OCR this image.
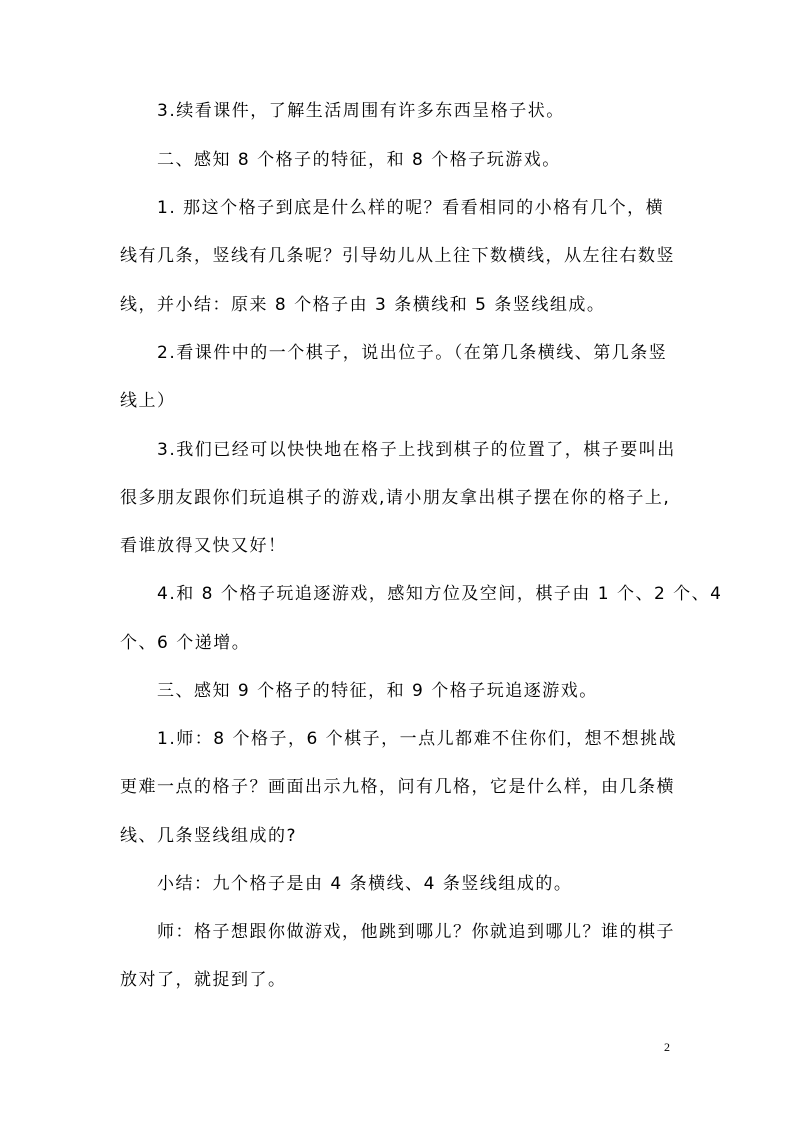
3.续看课件，了解生活周围有许多东西呈格子状。
二、感知 8 个格子的特征，和 8 个格子玩游戏。
1. 那这个格子到底是什么样的呢？看看相同的小格有几个，横
线有几条，竖线有几条呢？引导幼儿从上往下数横线，从左往右数竖
线，并小结：原来 8 个格子由 3 条横线和 5 条竖线组成。
2.看课件中的一个棋子，说出位子。（在第几条横线、第几条竖
线上）
3.我们已经可以快快地在格子上找到棋子的位置了，棋子要叫出
很多朋友跟你们玩追棋子的游戏,请小朋友拿出棋子摆在你的格子上,
看谁放得又快又好！
4.和 8 个格子玩追逐游戏，感知方位及空间，棋子由 1 个、2 个、4
个、6 个递增。
三、感知 9 个格子的特征，和 9 个格子玩追逐游戏。
1.师：8 个格子，6 个棋子，一点儿都难不住你们，想不想挑战
更难一点的格子？画面出示九格，问有几格，它是什么样，由几条横
线、几条竖线组成的?
小结：九个格子是由 4 条横线、4 条竖线组成的。
师：格子想跟你做游戏，他跳到哪儿？你就追到哪儿？谁的棋子
放对了，就捉到了。
2
